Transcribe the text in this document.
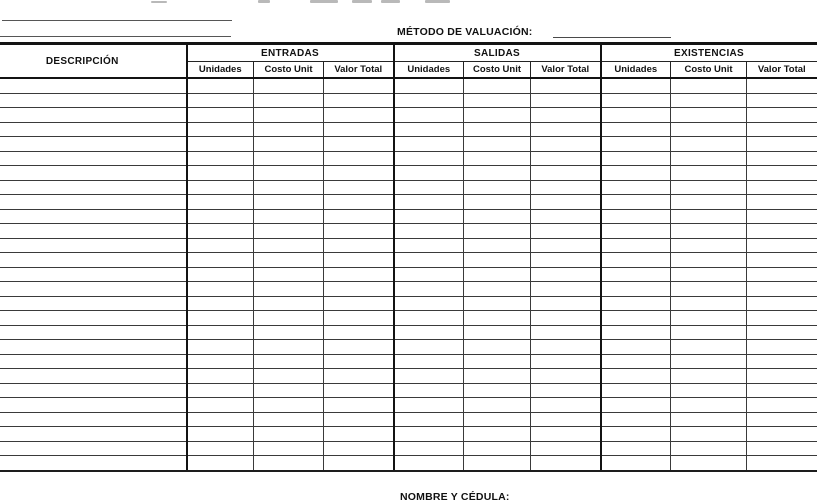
MÉTODO DE VALUACIÓN:
DESCRIPCIÓN	ENTRADAS			SALIDAS			EXISTENCIAS		
	Unidades	Costo Unit	Valor Total	Unidades	Costo Unit	Valor Total	Unidades	Costo Unit	Valor Total

NOMBRE Y CÉDULA:
